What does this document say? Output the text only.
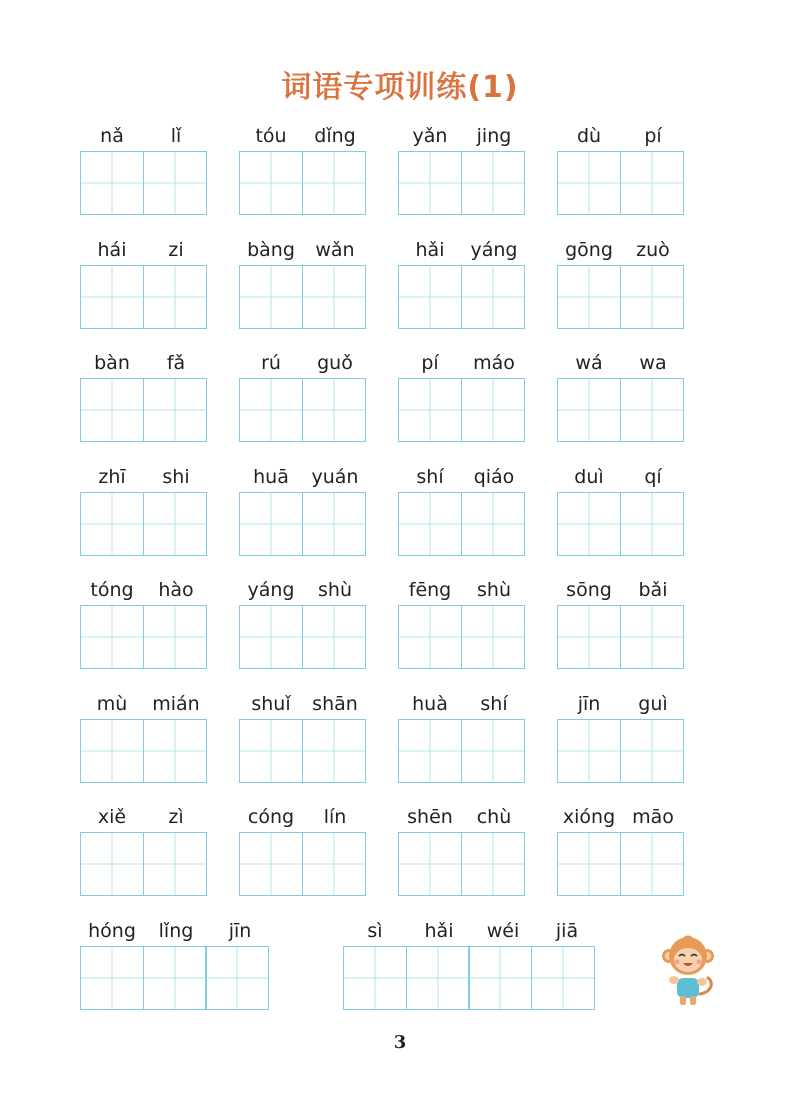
词语专项训练(1)
nǎ	lǐ	tóu	dǐng	yǎn	jing	dù	pí
hái	zi	bàng	wǎn	hǎi	yáng	gōng	zuò
bàn	fǎ	rú	guǒ	pí	máo	wá	wa
zhī	shi	huā	yuán	shí	qiáo	duì	qí
tóng	hào	yáng	shù	fēng	shù	sōng	bǎi
mù	mián	shuǐ	shān	huà	shí	jīn	guì
xiě	zì	cóng	lín	shēn	chù	xióng māo
hóng	lǐng	jīn	sì	hǎi	wéi	jiā
3
